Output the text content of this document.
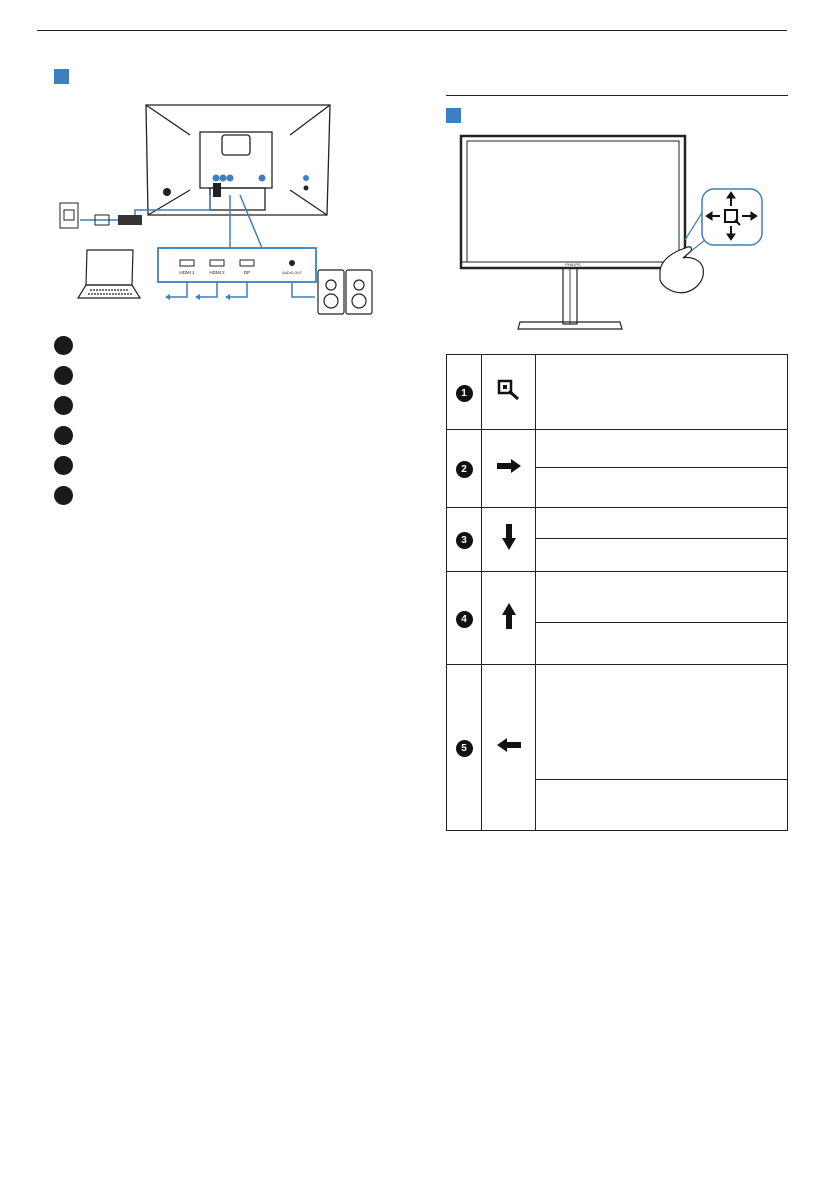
HDMI 1	HDMI 2	DP	AUDIO OUT
PHILIPS
1		
2		

3		

4		

5		
